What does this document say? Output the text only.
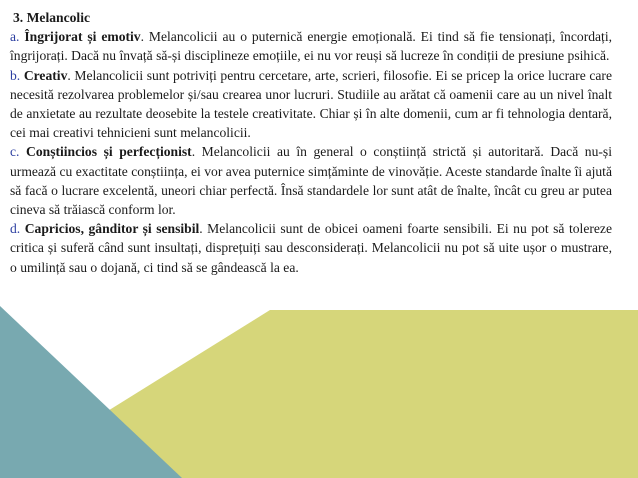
3. Melancolic

a. Îngrijorat și emotiv. Melancolicii au o puternică energie emoțională. Ei tind să fie tensionați, încordați, îngrijorați. Dacă nu învață să-și disciplineze emoțiile, ei nu vor reuși să lucreze în condiții de presiune psihică.

b. Creativ. Melancolicii sunt potriviți pentru cercetare, arte, scrieri, filosofie. Ei se pricep la orice lucrare care necesită rezolvarea problemelor și/sau crearea unor lucruri. Studiile au arătat că oamenii care au un nivel înalt de anxietate au rezultate deosebite la testele creativitate. Chiar și în alte domenii, cum ar fi tehnologia dentară, cei mai creativi tehnicieni sunt melancolicii.

c. Conștiincios și perfecționist. Melancolicii au în general o conștiință strictă și autoritară. Dacă nu-și urmează cu exactitate conștiința, ei vor avea puternice simțăminte de vinovăție. Aceste standarde înalte îi ajută să facă o lucrare excelentă, uneori chiar perfectă. Însă standardele lor sunt atât de înalte, încât cu greu ar putea cineva să trăiască conform lor.

d. Capricios, gânditor și sensibil. Melancolicii sunt de obicei oameni foarte sensibili. Ei nu pot să tolereze critica și suferă când sunt insultați, disprețuiți sau desconsiderați. Melancolicii nu pot să uite ușor o mustrare, o umilință sau o dojană, ci tind să se gândească la ea.
